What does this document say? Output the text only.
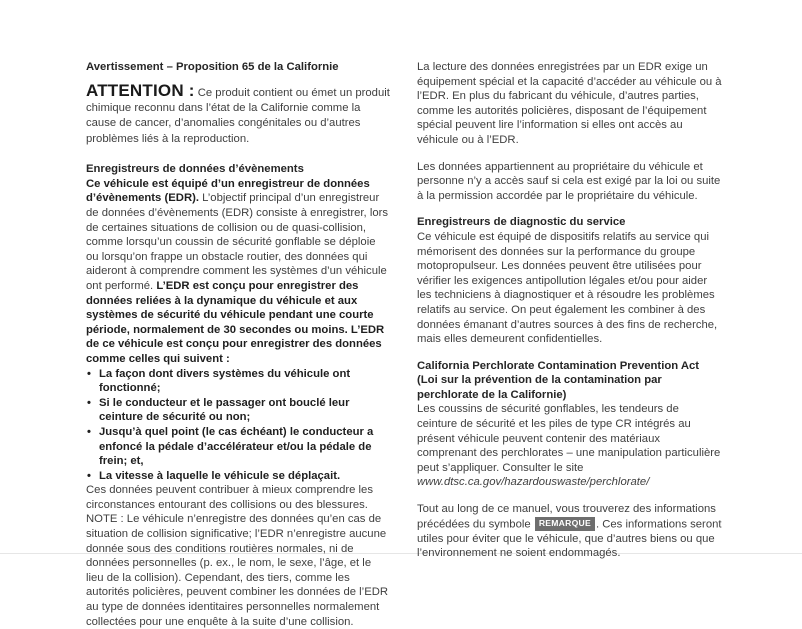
Avertissement – Proposition 65 de la Californie

ATTENTION : Ce produit contient ou émet un produit chimique reconnu dans l’état de la Californie comme la cause de cancer, d’anomalies congénitales ou d’autres problèmes liés à la reproduction.

Enregistreurs de données d’évènements

Ce véhicule est équipé d’un enregistreur de données d’évènements (EDR). L’objectif principal d’un enregistreur de données d’évènements (EDR) consiste à enregistrer, lors de certaines situations de collision ou de quasi-collision, comme lorsqu’un coussin de sécurité gonflable se déploie ou lorsqu’on frappe un obstacle routier, des données qui aideront à comprendre comment les systèmes d’un véhicule ont performé. L’EDR est conçu pour enregistrer des données reliées à la dynamique du véhicule et aux systèmes de sécurité du véhicule pendant une courte période, normalement de 30 secondes ou moins. L’EDR de ce véhicule est conçu pour enregistrer des données comme celles qui suivent :

• La façon dont divers systèmes du véhicule ont fonctionné;
• Si le conducteur et le passager ont bouclé leur ceinture de sécurité ou non;
• Jusqu’à quel point (le cas échéant) le conducteur a enfoncé la pédale d’accélérateur et/ou la pédale de frein; et,
• La vitesse à laquelle le véhicule se déplaçait.

Ces données peuvent contribuer à mieux comprendre les circonstances entourant des collisions ou des blessures. NOTE : Le véhicule n’enregistre des données qu’en cas de situation de collision significative; l’EDR n’enregistre aucune donnée sous des conditions routières normales, ni de données personnelles (p. ex., le nom, le sexe, l’âge, et le lieu de la collision). Cependant, des tiers, comme les autorités policières, peuvent combiner les données de l’EDR au type de données identitaires personnelles normalement collectées pour une enquête à la suite d’une collision.

La lecture des données enregistrées par un EDR exige un équipement spécial et la capacité d’accéder au véhicule ou à l’EDR. En plus du fabricant du véhicule, d’autres parties, comme les autorités policières, disposant de l’équipement spécial peuvent lire l’information si elles ont accès au véhicule ou à l’EDR.

Les données appartiennent au propriétaire du véhicule et personne n’y a accès sauf si cela est exigé par la loi ou suite à la permission accordée par le propriétaire du véhicule.

Enregistreurs de diagnostic du service

Ce véhicule est équipé de dispositifs relatifs au service qui mémorisent des données sur la performance du groupe motopropulseur. Les données peuvent être utilisées pour vérifier les exigences antipollution légales et/ou pour aider les techniciens à diagnostiquer et à résoudre les problèmes relatifs au service. On peut également les combiner à des données émanant d’autres sources à des fins de recherche, mais elles demeurent confidentielles.

California Perchlorate Contamination Prevention Act (Loi sur la prévention de la contamination par perchlorate de la Californie)

Les coussins de sécurité gonflables, les tendeurs de ceinture de sécurité et les piles de type CR intégrés au présent véhicule peuvent contenir des matériaux comprenant des perchlorates – une manipulation particulière peut s’appliquer. Consulter le site

www.dtsc.ca.gov/hazardouswaste/perchlorate/

Tout au long de ce manuel, vous trouverez des informations précédées du symbole REMARQUE . Ces informations seront utiles pour éviter que le véhicule, que d’autres biens ou que l’environnement ne soient endommagés.
